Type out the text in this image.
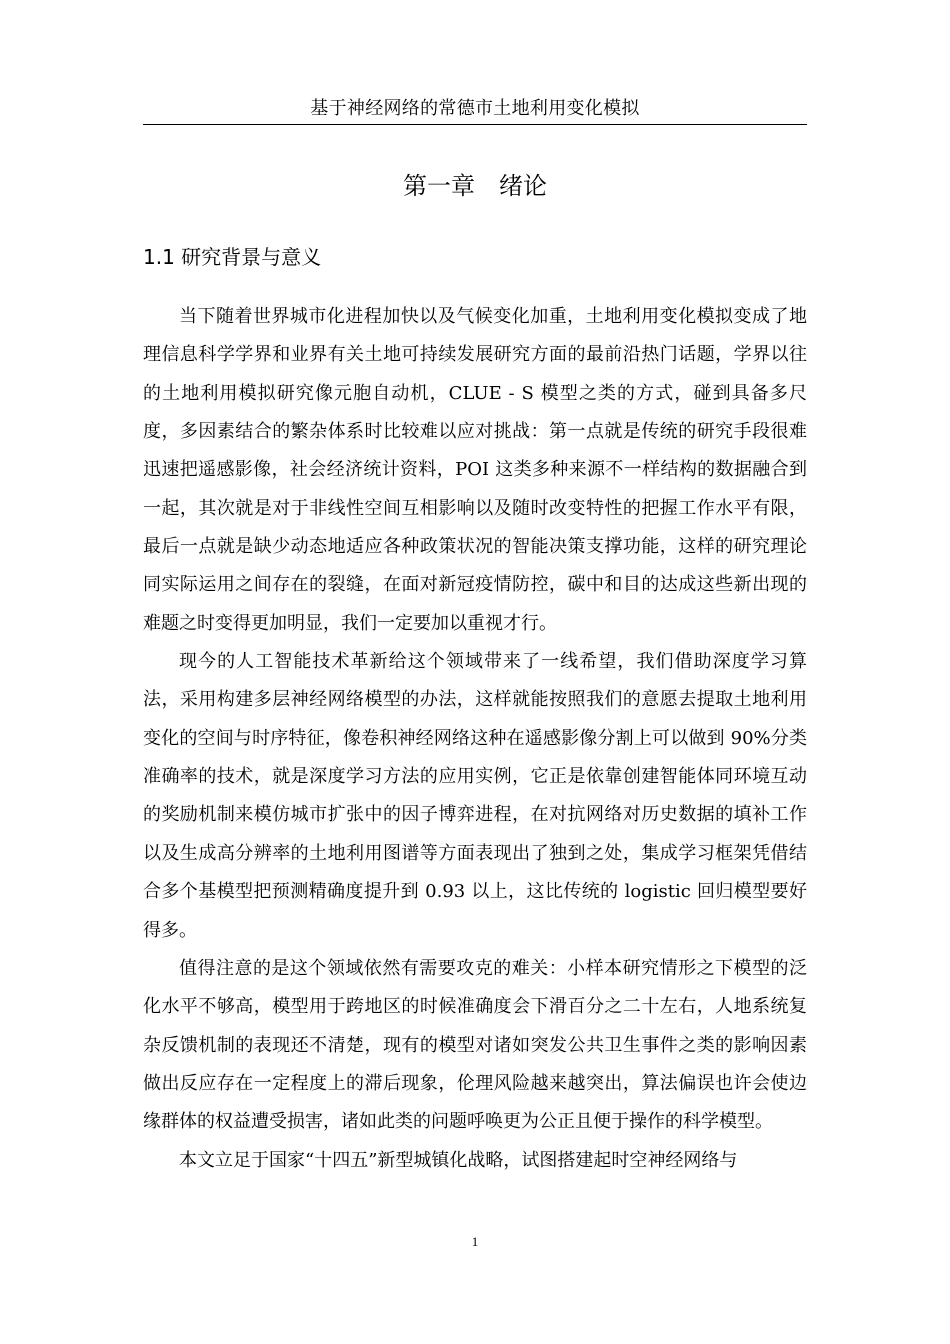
基于神经网络的常德市土地利用变化模拟
第一章　绪论
1.1 研究背景与意义

当下随着世界城市化进程加快以及气候变化加重，土地利用变化模拟变成了地理信息科学学界和业界有关土地可持续发展研究方面的最前沿热门话题，学界以往的土地利用模拟研究像元胞自动机，CLUE - S 模型之类的方式，碰到具备多尺度，多因素结合的繁杂体系时比较难以应对挑战：第一点就是传统的研究手段很难迅速把遥感影像，社会经济统计资料，POI 这类多种来源不一样结构的数据融合到一起，其次就是对于非线性空间互相影响以及随时改变特性的把握工作水平有限，最后一点就是缺少动态地适应各种政策状况的智能决策支撑功能，这样的研究理论同实际运用之间存在的裂缝，在面对新冠疫情防控，碳中和目的达成这些新出现的难题之时变得更加明显，我们一定要加以重视才行。

现今的人工智能技术革新给这个领域带来了一线希望，我们借助深度学习算法，采用构建多层神经网络模型的办法，这样就能按照我们的意愿去提取土地利用变化的空间与时序特征，像卷积神经网络这种在遥感影像分割上可以做到 90%分类准确率的技术，就是深度学习方法的应用实例，它正是依靠创建智能体同环境互动的奖励机制来模仿城市扩张中的因子博弈进程，在对抗网络对历史数据的填补工作以及生成高分辨率的土地利用图谱等方面表现出了独到之处，集成学习框架凭借结合多个基模型把预测精确度提升到 0.93 以上，这比传统的 logistic 回归模型要好得多。

值得注意的是这个领域依然有需要攻克的难关：小样本研究情形之下模型的泛化水平不够高，模型用于跨地区的时候准确度会下滑百分之二十左右，人地系统复杂反馈机制的表现还不清楚，现有的模型对诸如突发公共卫生事件之类的影响因素做出反应存在一定程度上的滞后现象，伦理风险越来越突出，算法偏误也许会使边缘群体的权益遭受损害，诸如此类的问题呼唤更为公正且便于操作的科学模型。

本文立足于国家“十四五”新型城镇化战略，试图搭建起时空神经网络与

1
